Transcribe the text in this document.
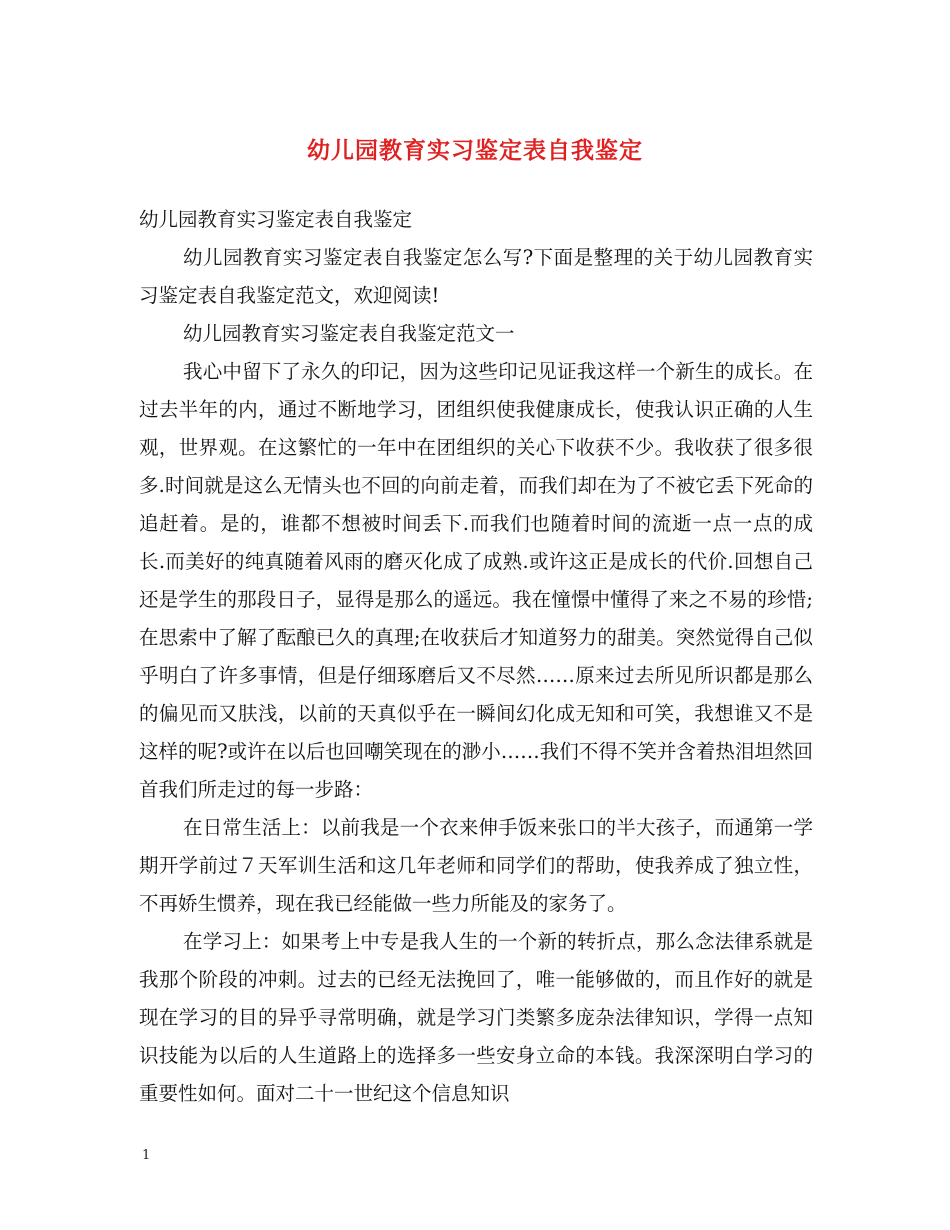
幼儿园教育实习鉴定表自我鉴定

幼儿园教育实习鉴定表自我鉴定

幼儿园教育实习鉴定表自我鉴定怎么写?下面是整理的关于幼儿园教育实习鉴定表自我鉴定范文，欢迎阅读!

幼儿园教育实习鉴定表自我鉴定范文一

我心中留下了永久的印记，因为这些印记见证我这样一个新生的成长。在过去半年的内，通过不断地学习，团组织使我健康成长，使我认识正确的人生观，世界观。在这繁忙的一年中在团组织的关心下收获不少。我收获了很多很多.时间就是这么无情头也不回的向前走着，而我们却在为了不被它丢下死命的追赶着。是的，谁都不想被时间丢下.而我们也随着时间的流逝一点一点的成长.而美好的纯真随着风雨的磨灭化成了成熟.或许这正是成长的代价.回想自己还是学生的那段日子，显得是那么的遥远。我在憧憬中懂得了来之不易的珍惜;在思索中了解了酝酿已久的真理;在收获后才知道努力的甜美。突然觉得自己似乎明白了许多事情，但是仔细琢磨后又不尽然……原来过去所见所识都是那么的偏见而又肤浅，以前的天真似乎在一瞬间幻化成无知和可笑，我想谁又不是这样的呢?或许在以后也回嘲笑现在的渺小……我们不得不笑并含着热泪坦然回首我们所走过的每一步路：

在日常生活上：以前我是一个衣来伸手饭来张口的半大孩子，而通第一学期开学前过７天军训生活和这几年老师和同学们的帮助，使我养成了独立性，不再娇生惯养，现在我已经能做一些力所能及的家务了。

在学习上：如果考上中专是我人生的一个新的转折点，那么念法律系就是我那个阶段的冲刺。过去的已经无法挽回了，唯一能够做的，而且作好的就是现在学习的目的异乎寻常明确，就是学习门类繁多庞杂法律知识，学得一点知识技能为以后的人生道路上的选择多一些安身立命的本钱。我深深明白学习的重要性如何。面对二十一世纪这个信息知识

1
